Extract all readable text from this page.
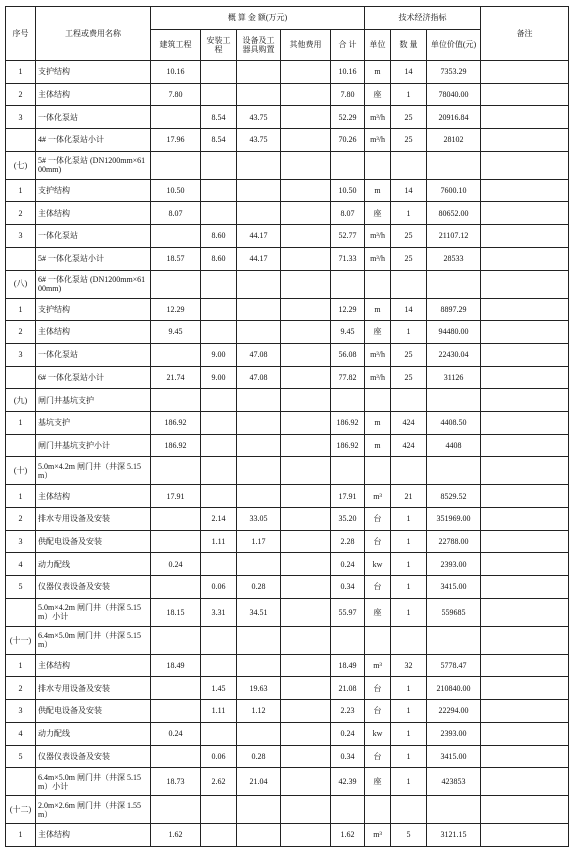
序号	工程或费用名称	概 算 金 额(万元)					技术经济指标			备注
		建筑工程	安装工程	设备及工器具购置	其他费用	合 计	单位	数 量	单位价值(元)	
1	支护结构	10.16				10.16	m	14	7353.29	
2	主体结构	7.80				7.80	座	1	78040.00	
3	一体化泵站		8.54	43.75		52.29	m³/h	25	20916.84	
	4# 一体化泵站小计	17.96	8.54	43.75		70.26	m³/h	25	28102	
(七)	5# 一体化泵站 (DN1200mm×6100mm)									
1	支护结构	10.50				10.50	m	14	7600.10	
2	主体结构	8.07				8.07	座	1	80652.00	
3	一体化泵站		8.60	44.17		52.77	m³/h	25	21107.12	
	5# 一体化泵站小计	18.57	8.60	44.17		71.33	m³/h	25	28533	
(八)	6# 一体化泵站 (DN1200mm×6100mm)									
1	支护结构	12.29				12.29	m	14	8897.29	
2	主体结构	9.45				9.45	座	1	94480.00	
3	一体化泵站		9.00	47.08		56.08	m³/h	25	22430.04	
	6# 一体化泵站小计	21.74	9.00	47.08		77.82	m³/h	25	31126	
(九)	闸门井基坑支护									
1	基坑支护	186.92				186.92	m	424	4408.50	
	闸门井基坑支护小计	186.92				186.92	m	424	4408	
(十)	5.0m×4.2m 闸门井（井深 5.15m）									
1	主体结构	17.91				17.91	m³	21	8529.52	
2	排水专用设备及安装		2.14	33.05		35.20	台	1	351969.00	
3	供配电设备及安装		1.11	1.17		2.28	台	1	22788.00	
4	动力配线	0.24				0.24	kw	1	2393.00	
5	仪器仪表设备及安装		0.06	0.28		0.34	台	1	3415.00	
	5.0m×4.2m 闸门井（井深 5.15m）小计	18.15	3.31	34.51		55.97	座	1	559685	
(十一)	6.4m×5.0m 闸门井（井深 5.15m）									
1	主体结构	18.49				18.49	m³	32	5778.47	
2	排水专用设备及安装		1.45	19.63		21.08	台	1	210840.00	
3	供配电设备及安装		1.11	1.12		2.23	台	1	22294.00	
4	动力配线	0.24				0.24	kw	1	2393.00	
5	仪器仪表设备及安装		0.06	0.28		0.34	台	1	3415.00	
	6.4m×5.0m 闸门井（井深 5.15m）小计	18.73	2.62	21.04		42.39	座	1	423853	
(十二)	2.0m×2.6m 闸门井（井深 1.55m）									
1	主体结构	1.62				1.62	m³	5	3121.15	
